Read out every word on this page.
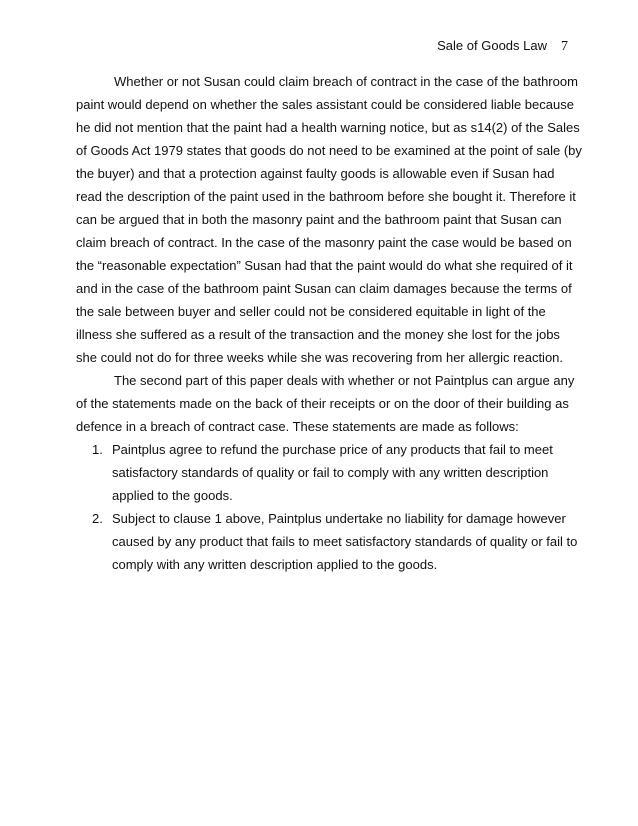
Sale of Goods Law 7
Whether or not Susan could claim breach of contract in the case of the bathroom
paint would depend on whether the sales assistant could be considered liable because
he did not mention that the paint had a health warning notice, but as s14(2) of the Sales
of Goods Act 1979 states that goods do not need to be examined at the point of sale (by
the buyer) and that a protection against faulty goods is allowable even if Susan had
read the description of the paint used in the bathroom before she bought it. Therefore it
can be argued that in both the masonry paint and the bathroom paint that Susan can
claim breach of contract. In the case of the masonry paint the case would be based on
the “reasonable expectation” Susan had that the paint would do what she required of it
and in the case of the bathroom paint Susan can claim damages because the terms of
the sale between buyer and seller could not be considered equitable in light of the
illness she suffered as a result of the transaction and the money she lost for the jobs
she could not do for three weeks while she was recovering from her allergic reaction.
The second part of this paper deals with whether or not Paintplus can argue any
of the statements made on the back of their receipts or on the door of their building as
defence in a breach of contract case. These statements are made as follows:
1. Paintplus agree to refund the purchase price of any products that fail to meet
satisfactory standards of quality or fail to comply with any written description
applied to the goods.
2. Subject to clause 1 above, Paintplus undertake no liability for damage however
caused by any product that fails to meet satisfactory standards of quality or fail to
comply with any written description applied to the goods.
